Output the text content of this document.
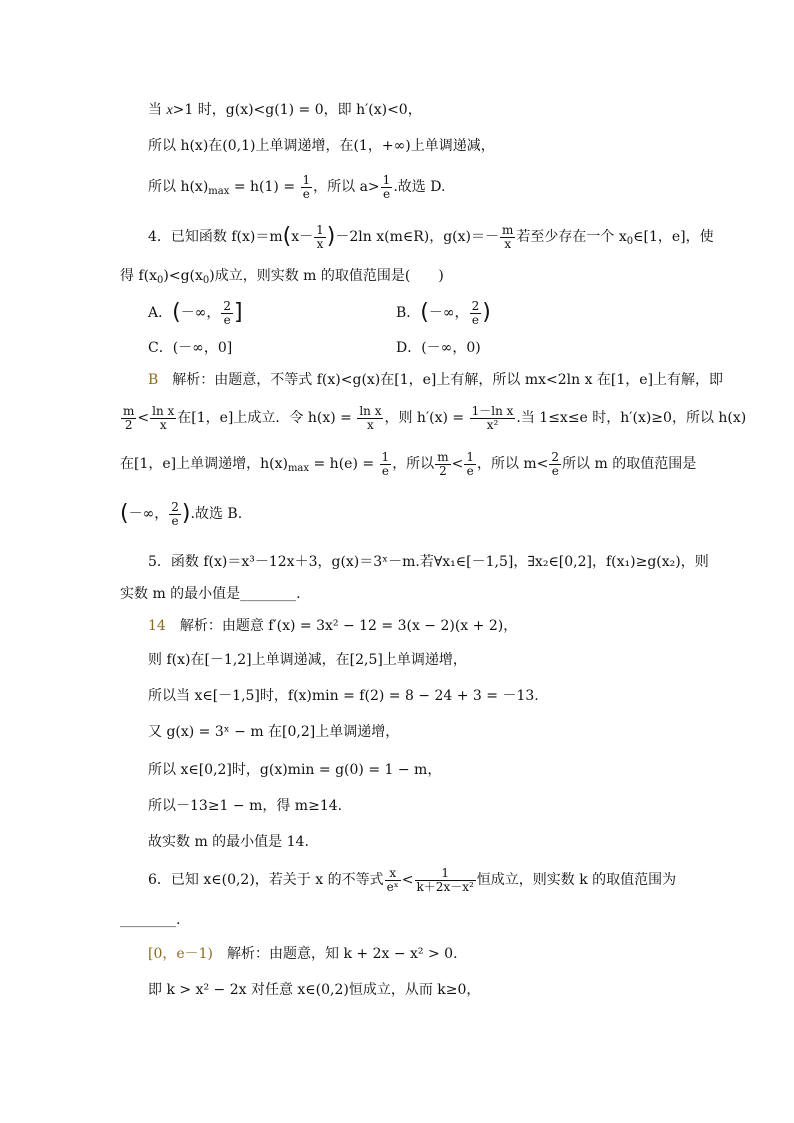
当 x>1 时，g(x)<g(1) = 0，即 h′(x)<0，
所以 h(x)在(0,1)上单调递增，在(1，+∞)上单调递减，
所以 $h(x)_{max} = h(1) = \frac{1}{e}$ ，所以 $a> \frac{1}{e}$ .故选 D.
4．已知函数 $f(x)=m(x- \frac{1}{x} )-2\ln$ x(m∈R)，$g(x)=- \frac{m}{x}$ 若至少存在一个 $x_0\in[1$，e]，使
得 $f(x_0)<g(x_0)$成立，则实数 m 的取值范围是(　　)
A．(－∞， $\frac{2}{e}$ ]	B．(－∞， $\frac{2}{e}$ )
C．(－∞，0]	D．(－∞，0)
B　 解析：由题意，不等式 f(x)<g(x)在[1，e]上有解，所以 mx<2ln x 在[1，e]上有解，即
$\frac{m}{2} < \frac{\text{ln x}}{x}$ 在[1，e]上成立．令 $h(x) = \frac{\text{ln x}}{x}$ ，则 $h'(x) = \frac{\text{1－ln x}}{\text{x²}}$ .当 1≤x≤e 时，h′(x)≥0，所以 h(x)
在[1，e]上单调递增，$h(x)_{max} = h(e) = \frac{1}{e}$ ，所以 $\frac{m}{2} < \frac{1}{e}$ ，所以 $m< \frac{2}{e}$ 所以 m 的取值范围是
(－∞， $\frac{2}{e}$ ).故选 B.
5．函数 f(x)＝x³－12x＋3，g(x)＝3ˣ－m.若∀x₁∈[－1,5]，∃x₂∈[0,2]，f(x₁)≥g(x₂)，则
实数 m 的最小值是________.
14　 解析：由题意 f′(x) = 3x² − 12 = 3(x − 2)(x + 2)，
则 f(x)在[－1,2]上单调递减，在[2,5]上单调递增，
所以当 x∈[－1,5]时，f(x)min = f(2) = 8 − 24 + 3 = －13.
又 g(x) = 3ˣ − m 在[0,2]上单调递增，
所以 x∈[0,2]时，g(x)min = g(0) = 1 − m，
所以－13≥1 − m，得 m≥14.
故实数 m 的最小值是 14.
6．已知 x∈(0,2)，若关于 x 的不等式 $\frac{x}{\text{eˣ}} < \frac{1}{\text{k＋2x－x²}}$ 恒成立，则实数 k 的取值范围为
________.
[0，e－1)　 解析：由题意，知 k + 2x − x² > 0.
即 k > x² − 2x 对任意 x∈(0,2)恒成立，从而 k≥0，
